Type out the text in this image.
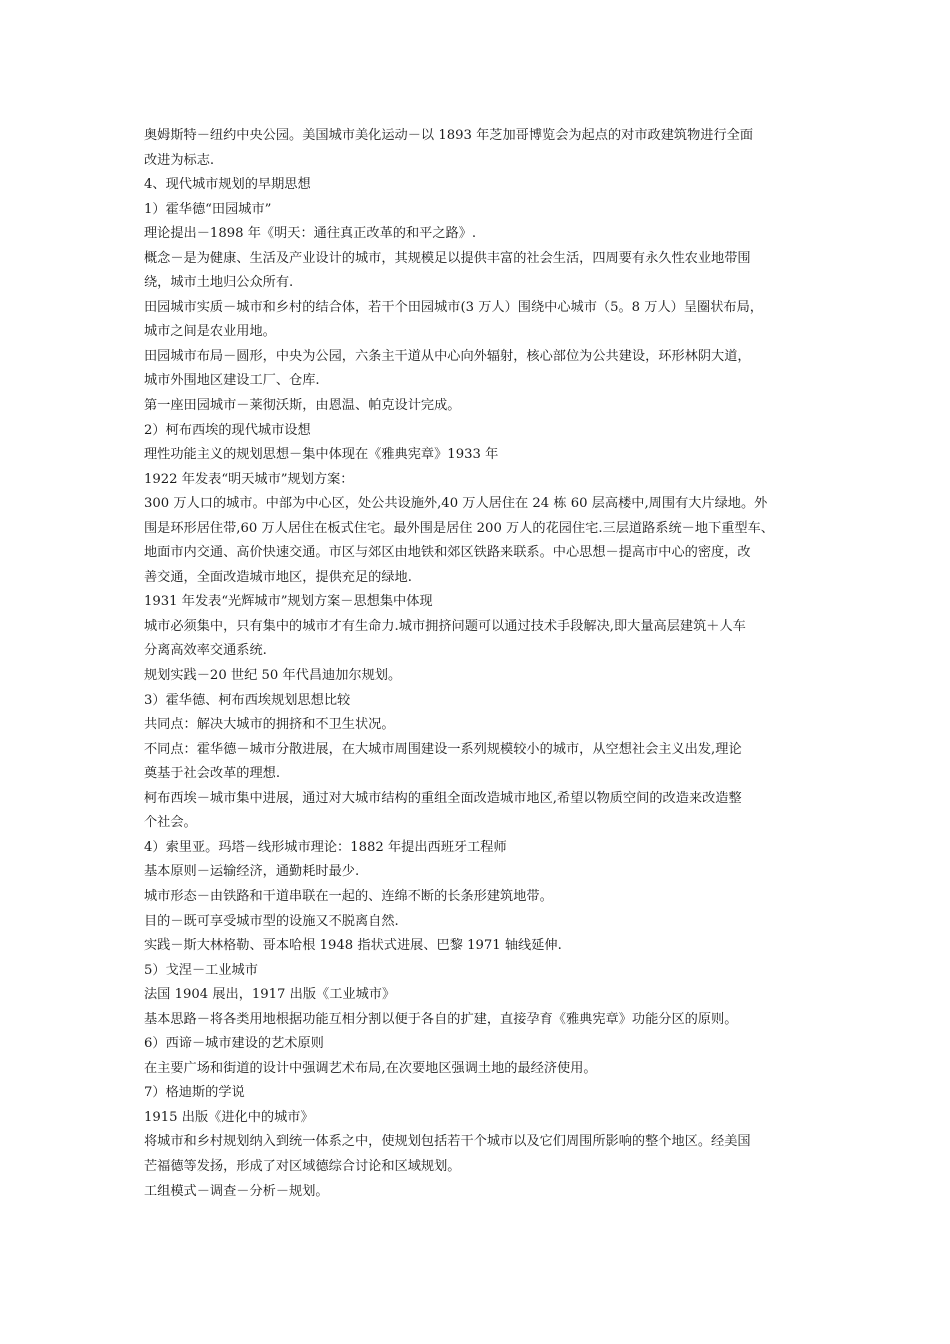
奥姆斯特－纽约中央公园。美国城市美化运动－以 1893 年芝加哥博览会为起点的对市政建筑物进行全面

改进为标志.

4、现代城市规划的早期思想

1）霍华德“田园城市”

理论提出－1898 年《明天：通往真正改革的和平之路》.

概念－是为健康、生活及产业设计的城市，其规模足以提供丰富的社会生活，四周要有永久性农业地带围

绕，城市土地归公众所有.

田园城市实质－城市和乡村的结合体，若干个田园城市(3 万人）围绕中心城市（5。8 万人）呈圈状布局，

城市之间是农业用地。

田园城市布局－圆形，中央为公园，六条主干道从中心向外辐射，核心部位为公共建设，环形林阴大道，

城市外围地区建设工厂、仓库.

第一座田园城市－莱彻沃斯，由恩温、帕克设计完成。

2）柯布西埃的现代城市设想

理性功能主义的规划思想－集中体现在《雅典宪章》1933 年

1922 年发表“明天城市”规划方案：

300 万人口的城市。中部为中心区，处公共设施外,40 万人居住在 24 栋 60 层高楼中,周围有大片绿地。外

围是环形居住带,60 万人居住在板式住宅。最外围是居住 200 万人的花园住宅.三层道路系统－地下重型车、

地面市内交通、高价快速交通。市区与郊区由地铁和郊区铁路来联系。中心思想－提高市中心的密度，改

善交通，全面改造城市地区，提供充足的绿地.

1931 年发表“光辉城市”规划方案－思想集中体现

城市必须集中，只有集中的城市才有生命力.城市拥挤问题可以通过技术手段解决,即大量高层建筑＋人车

分离高效率交通系统.

规划实践－20 世纪 50 年代昌迪加尔规划。

3）霍华德、柯布西埃规划思想比较

共同点：解决大城市的拥挤和不卫生状况。

不同点：霍华德－城市分散进展，在大城市周围建设一系列规模较小的城市，从空想社会主义出发,理论

奠基于社会改革的理想.

柯布西埃－城市集中进展，通过对大城市结构的重组全面改造城市地区,希望以物质空间的改造来改造整

个社会。

4）索里亚。玛塔－线形城市理论：1882 年提出西班牙工程师

基本原则－运输经济，通勤耗时最少.

城市形态－由铁路和干道串联在一起的、连绵不断的长条形建筑地带。

目的－既可享受城市型的设施又不脱离自然.

实践－斯大林格勒、哥本哈根 1948 指状式进展、巴黎 1971 轴线延伸.

5）戈涅－工业城市

法国 1904 展出，1917 出版《工业城市》

基本思路－将各类用地根据功能互相分割以便于各自的扩建，直接孕育《雅典宪章》功能分区的原则。

6）西谛－城市建设的艺术原则

在主要广场和街道的设计中强调艺术布局,在次要地区强调土地的最经济使用。

7）格迪斯的学说

1915 出版《进化中的城市》

将城市和乡村规划纳入到统一体系之中，使规划包括若干个城市以及它们周围所影响的整个地区。经美国

芒福德等发扬，形成了对区域德综合讨论和区域规划。

工组模式－调查－分析－规划。
